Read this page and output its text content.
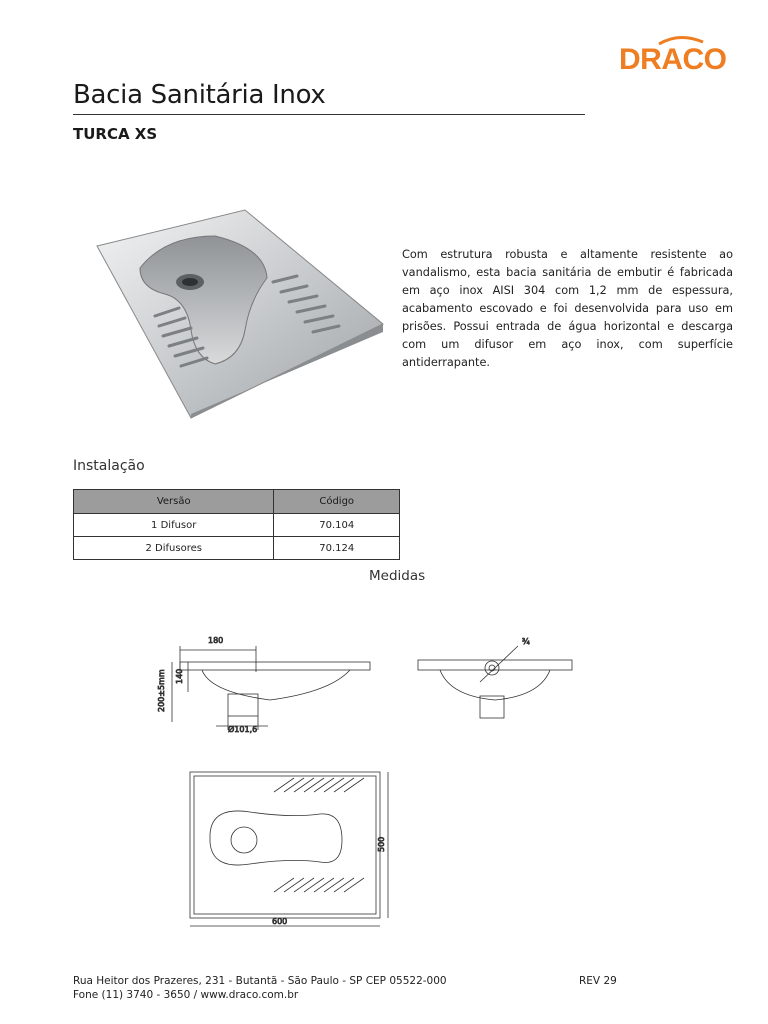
DRACO
Bacia Sanitária Inox
TURCA XS
Com estrutura robusta e altamente resistente ao vandalismo, esta bacia sanitária de embutir é fabricada em aço inox AISI 304 com 1,2 mm de espessura, acabamento escovado e foi desenvolvida para uso em prisões. Possui entrada de água horizontal e descarga com um difusor em aço inox, com superfície antiderrapante.
Instalação
Versão	Código
1 Difusor	70.104
2 Difusores	70.124
Medidas
180
140
200±5mm
Ø101,6
¾
600
500
Rua Heitor dos Prazeres, 231 - Butantã - São Paulo - SP CEP 05522-000
Fone (11) 3740 - 3650 / www.draco.com.br
REV 29
